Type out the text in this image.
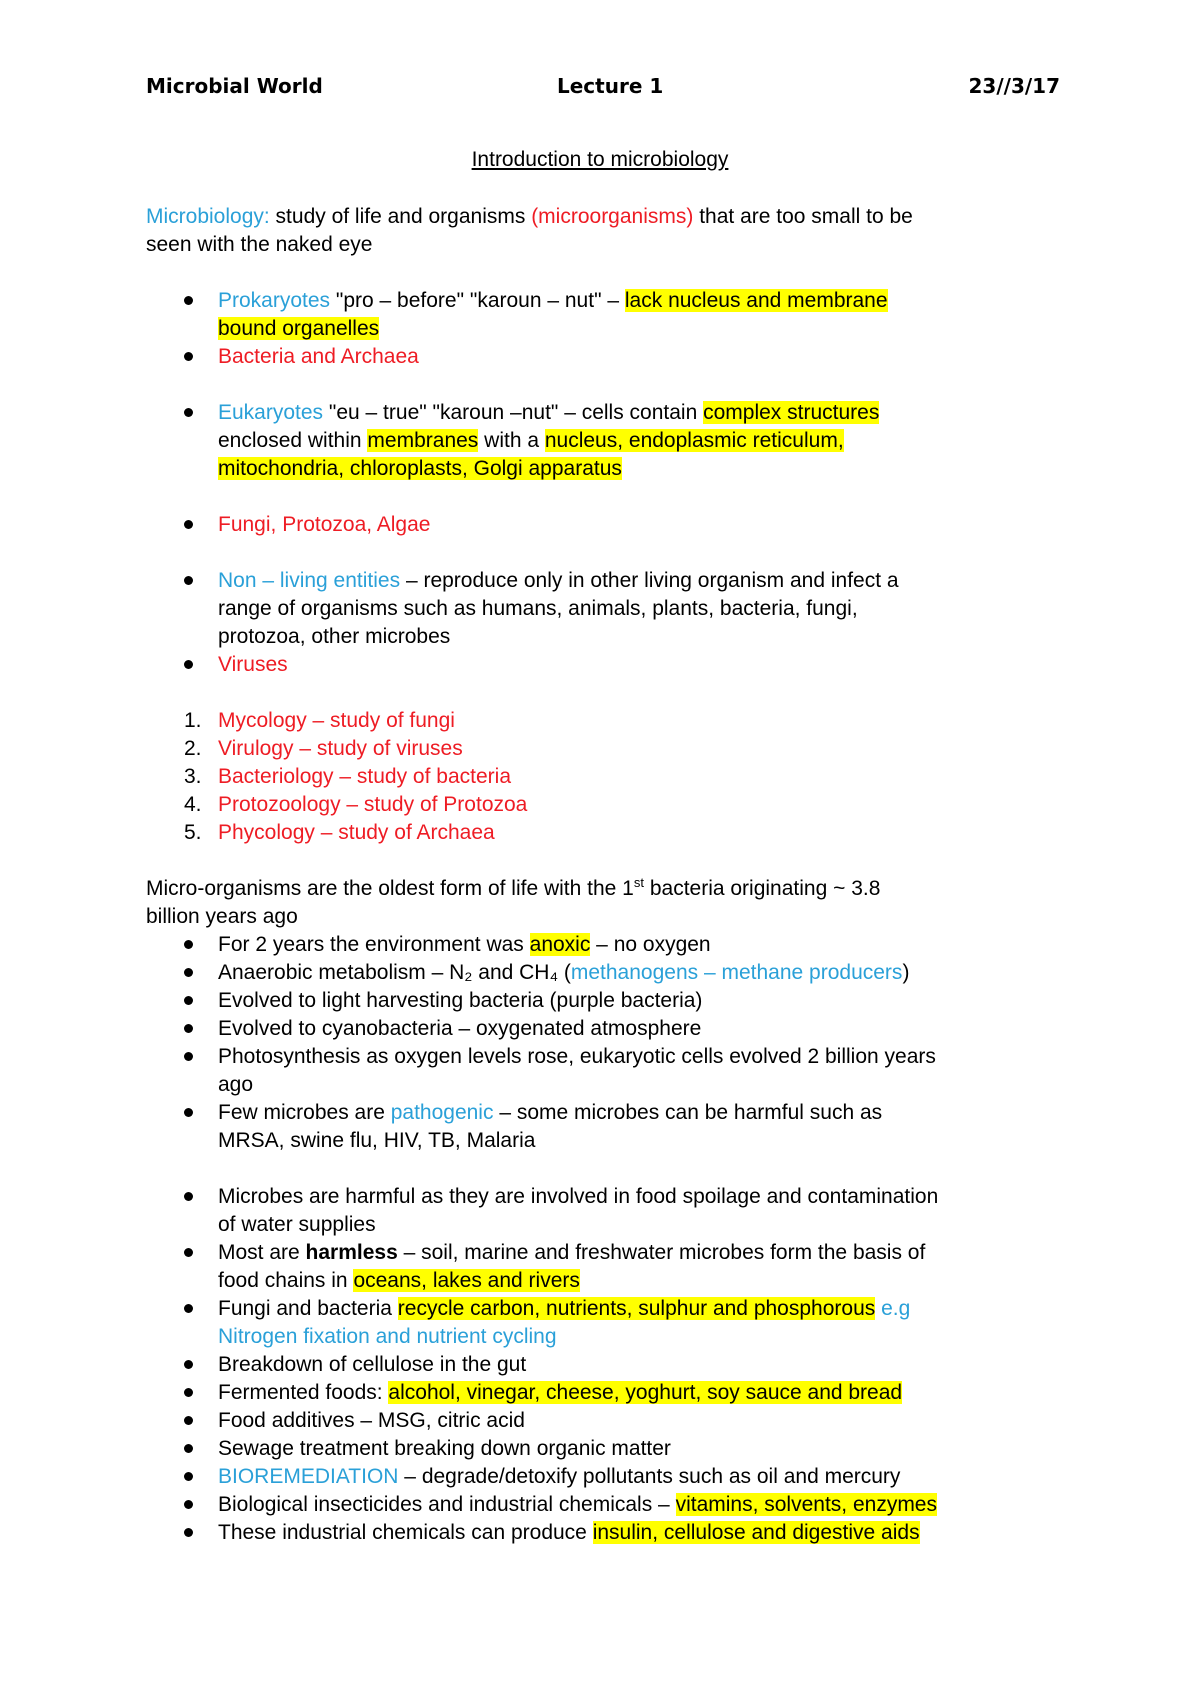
Microbial World	Lecture 1	23//3/17
Introduction to microbiology
Microbiology: study of life and organisms (microorganisms) that are too small to be
seen with the naked eye
Prokaryotes "pro – before" "karoun – nut" – lack nucleus and membrane
bound organelles
Bacteria and Archaea
Eukaryotes "eu – true" "karoun –nut" – cells contain complex structures
enclosed within membranes with a nucleus, endoplasmic reticulum,
mitochondria, chloroplasts, Golgi apparatus
Fungi, Protozoa, Algae
Non – living entities – reproduce only in other living organism and infect a
range of organisms such as humans, animals, plants, bacteria, fungi,
protozoa, other microbes
Viruses
1. Mycology – study of fungi
2. Virulogy – study of viruses
3. Bacteriology – study of bacteria
4. Protozoology – study of Protozoa
5. Phycology – study of Archaea
Micro-organisms are the oldest form of life with the 1st bacteria originating ~ 3.8
billion years ago
For 2 years the environment was anoxic – no oxygen
Anaerobic metabolism – N₂ and CH₄ (methanogens – methane producers)
Evolved to light harvesting bacteria (purple bacteria)
Evolved to cyanobacteria – oxygenated atmosphere
Photosynthesis as oxygen levels rose, eukaryotic cells evolved 2 billion years
ago
Few microbes are pathogenic – some microbes can be harmful such as
MRSA, swine flu, HIV, TB, Malaria
Microbes are harmful as they are involved in food spoilage and contamination
of water supplies
Most are harmless – soil, marine and freshwater microbes form the basis of
food chains in oceans, lakes and rivers
Fungi and bacteria recycle carbon, nutrients, sulphur and phosphorous e.g
Nitrogen fixation and nutrient cycling
Breakdown of cellulose in the gut
Fermented foods: alcohol, vinegar, cheese, yoghurt, soy sauce and bread
Food additives – MSG, citric acid
Sewage treatment breaking down organic matter
BIOREMEDIATION – degrade/detoxify pollutants such as oil and mercury
Biological insecticides and industrial chemicals – vitamins, solvents, enzymes
These industrial chemicals can produce insulin, cellulose and digestive aids
